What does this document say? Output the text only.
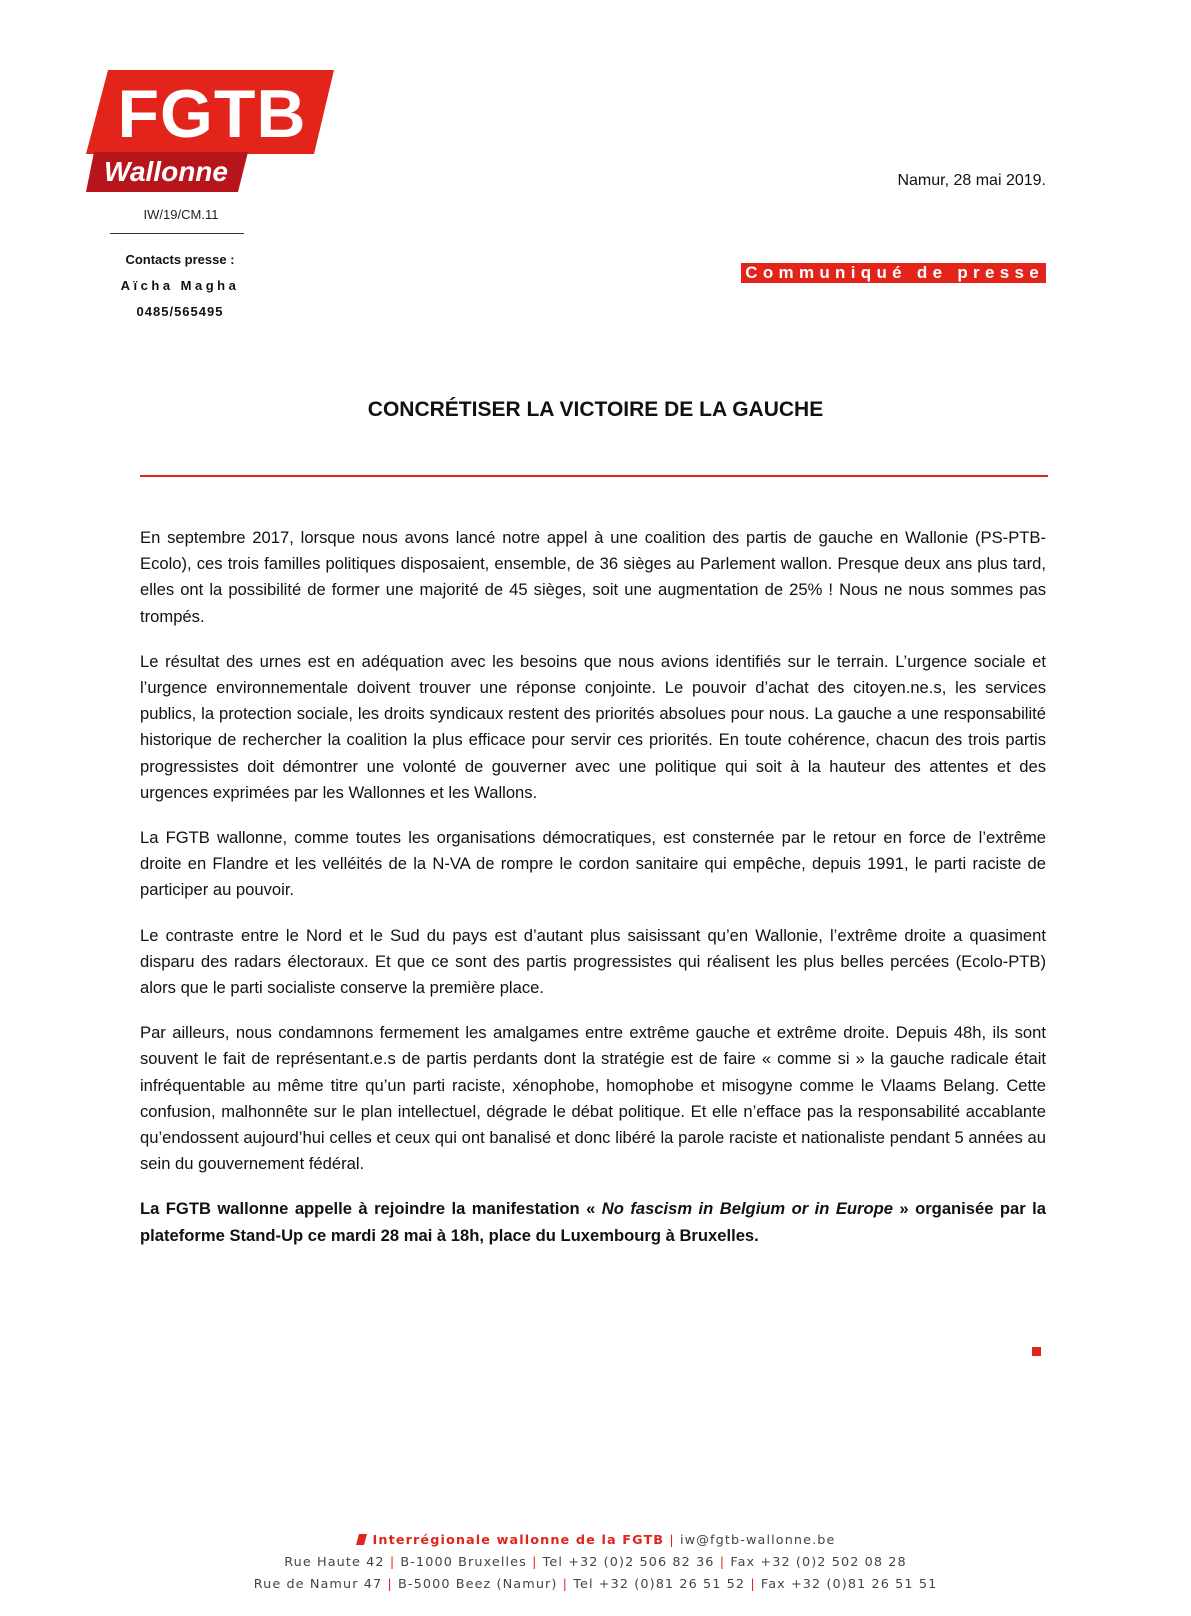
FGTB
Wallonne
IW/19/CM.11
Contacts presse :
Aïcha Magha
0485/565495
Namur, 28 mai 2019.
Communiqué de presse
CONCRÉTISER LA VICTOIRE DE LA GAUCHE

En septembre 2017, lorsque nous avons lancé notre appel à une coalition des partis de gauche en Wallonie (PS-PTB-Ecolo), ces trois familles politiques disposaient, ensemble, de 36 sièges au Parlement wallon. Presque deux ans plus tard, elles ont la possibilité de former une majorité de 45 sièges, soit une augmentation de 25% ! Nous ne nous sommes pas trompés.

Le résultat des urnes est en adéquation avec les besoins que nous avions identifiés sur le terrain. L’urgence sociale et l’urgence environnementale doivent trouver une réponse conjointe. Le pouvoir d’achat des citoyen.ne.s, les services publics, la protection sociale, les droits syndicaux restent des priorités absolues pour nous. La gauche a une responsabilité historique de rechercher la coalition la plus efficace pour servir ces priorités. En toute cohérence, chacun des trois partis progressistes doit démontrer une volonté de gouverner avec une politique qui soit à la hauteur des attentes et des urgences exprimées par les Wallonnes et les Wallons.

La FGTB wallonne, comme toutes les organisations démocratiques, est consternée par le retour en force de l’extrême droite en Flandre et les velléités de la N-VA de rompre le cordon sanitaire qui empêche, depuis 1991, le parti raciste de participer au pouvoir.

Le contraste entre le Nord et le Sud du pays est d’autant plus saisissant qu’en Wallonie, l’extrême droite a quasiment disparu des radars électoraux. Et que ce sont des partis progressistes qui réalisent les plus belles percées (Ecolo-PTB) alors que le parti socialiste conserve la première place.

Par ailleurs, nous condamnons fermement les amalgames entre extrême gauche et extrême droite. Depuis 48h, ils sont souvent le fait de représentant.e.s de partis perdants dont la stratégie est de faire « comme si » la gauche radicale était infréquentable au même titre qu’un parti raciste, xénophobe, homophobe et misogyne comme le Vlaams Belang. Cette confusion, malhonnête sur le plan intellectuel, dégrade le débat politique. Et elle n’efface pas la responsabilité accablante qu’endossent aujourd’hui celles et ceux qui ont banalisé et donc libéré la parole raciste et nationaliste pendant 5 années au sein du gouvernement fédéral.

La FGTB wallonne appelle à rejoindre la manifestation « No fascism in Belgium or in Europe » organisée par la plateforme Stand-Up ce mardi 28 mai à 18h, place du Luxembourg à Bruxelles.

Interrégionale wallonne de la FGTB | iw@fgtb-wallonne.be
Rue Haute 42 | B-1000 Bruxelles | Tel +32 (0)2 506 82 36 | Fax +32 (0)2 502 08 28
Rue de Namur 47 | B-5000 Beez (Namur) | Tel +32 (0)81 26 51 52 | Fax +32 (0)81 26 51 51
